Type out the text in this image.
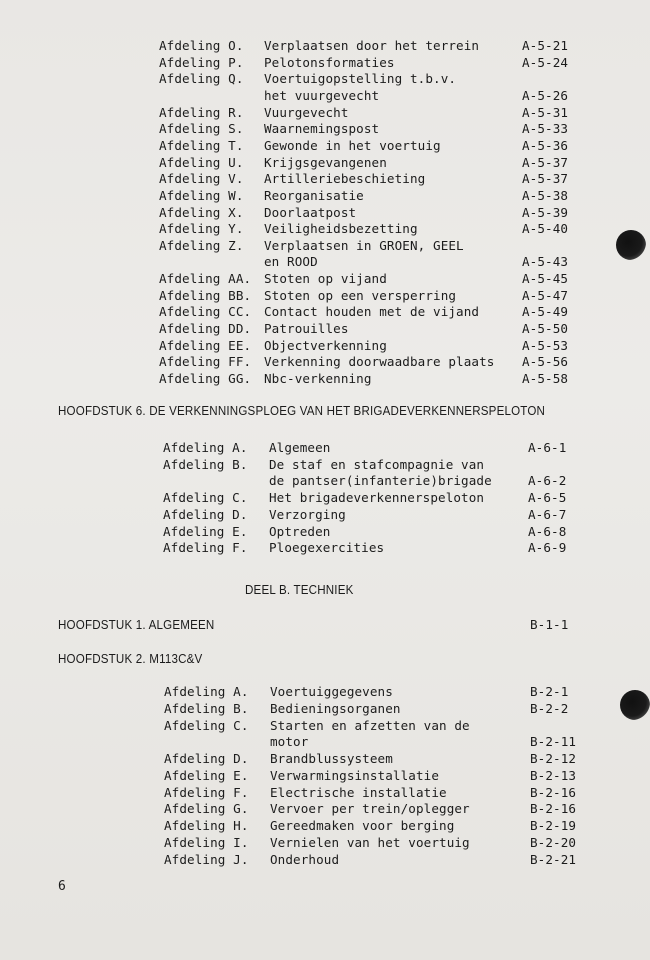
Afdeling O. Verplaatsen door het terrein	A-5-21
Afdeling P. Pelotonsformaties	A-5-24
Afdeling Q. Voertuigopstelling t.b.v.
het vuurgevecht	A-5-26
Afdeling R. Vuurgevecht	A-5-31
Afdeling S. Waarnemingspost	A-5-33
Afdeling T. Gewonde in het voertuig	A-5-36
Afdeling U. Krijgsgevangenen	A-5-37
Afdeling V. Artilleriebeschieting	A-5-37
Afdeling W. Reorganisatie	A-5-38
Afdeling X. Doorlaatpost	A-5-39
Afdeling Y. Veiligheidsbezetting	A-5-40
Afdeling Z. Verplaatsen in GROEN, GEEL
en ROOD	A-5-43
Afdeling AA. Stoten op vijand	A-5-45
Afdeling BB. Stoten op een versperring	A-5-47
Afdeling CC. Contact houden met de vijand	A-5-49
Afdeling DD. Patrouilles	A-5-50
Afdeling EE. Objectverkenning	A-5-53
Afdeling FF. Verkenning doorwaadbare plaats A-5-56
Afdeling GG. Nbc-verkenning	A-5-58
HOOFDSTUK 6. DE VERKENNINGSPLOEG VAN HET BRIGADEVERKENNERSPELOTON
Afdeling A. Algemeen	A-6-1
Afdeling B. De staf en stafcompagnie van
de pantser(infanterie)brigade	A-6-2
Afdeling C. Het brigadeverkennerspeloton	A-6-5
Afdeling D. Verzorging	A-6-7
Afdeling E. Optreden	A-6-8
Afdeling F. Ploegexercities	A-6-9
DEEL B. TECHNIEK
HOOFDSTUK 1. ALGEMEEN	B-1-1
HOOFDSTUK 2. M113C&V
Afdeling A. Voertuiggegevens	B-2-1
Afdeling B. Bedieningsorganen	B-2-2
Afdeling C. Starten en afzetten van de
motor	B-2-11
Afdeling D. Brandblussysteem	B-2-12
Afdeling E. Verwarmingsinstallatie	B-2-13
Afdeling F. Electrische installatie	B-2-16
Afdeling G. Vervoer per trein/oplegger	B-2-16
Afdeling H. Gereedmaken voor berging	B-2-19
Afdeling I. Vernielen van het voertuig	B-2-20
Afdeling J. Onderhoud	B-2-21
6
